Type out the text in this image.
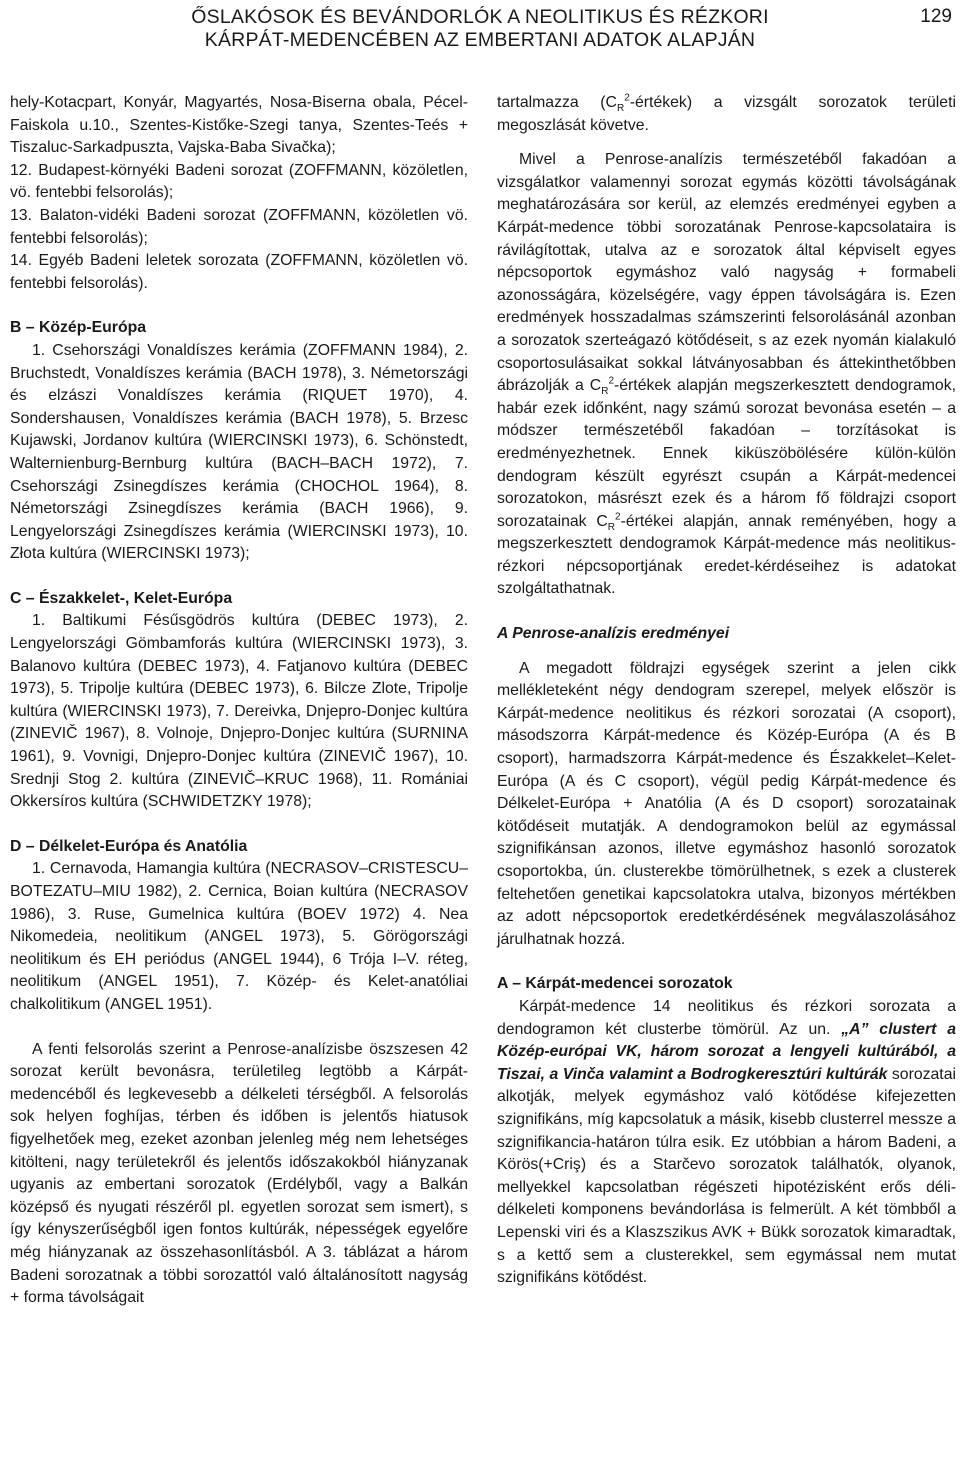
ŐSLAKÓSOK ÉS BEVÁNDORLÓK A NEOLITIKUS ÉS RÉZKORI
KÁRPÁT-MEDENCÉBEN AZ EMBERTANI ADATOK ALAPJÁN
129

hely-Kotacpart, Konyár, Magyartés, Nosa-Biserna obala, Pécel-Faiskola u.10., Szentes-Kistőke-Szegi tanya, Szentes-Teés + Tiszaluc-Sarkadpuszta, Vajska-Baba Sivačka);

12. Budapest-környéki Badeni sorozat (ZOFFMANN, közöletlen, vö. fentebbi felsorolás);

13. Balaton-vidéki Badeni sorozat (ZOFFMANN, közöletlen vö. fentebbi felsorolás);

14. Egyéb Badeni leletek sorozata (ZOFFMANN, közöletlen vö. fentebbi felsorolás).

B – Közép-Európa

1. Csehországi Vonaldíszes kerámia (ZOFFMANN 1984), 2. Bruchstedt, Vonaldíszes kerámia (BACH 1978), 3. Németországi és elzászi Vonaldíszes kerámia (RIQUET 1970), 4. Sondershausen, Vonaldíszes kerámia (BACH 1978), 5. Brzesc Kujawski, Jordanov kultúra (WIERCINSKI 1973), 6. Schönstedt, Walternienburg-Bernburg kultúra (BACH–BACH 1972), 7. Csehországi Zsinegdíszes kerámia (CHOCHOL 1964), 8. Németországi Zsinegdíszes kerámia (BACH 1966), 9. Lengyelországi Zsinegdíszes kerámia (WIERCINSKI 1973), 10. Złota kultúra (WIERCINSKI 1973);

C – Északkelet-, Kelet-Európa

1. Baltikumi Fésűsgödrös kultúra (DEBEC 1973), 2. Lengyelországi Gömbamforás kultúra (WIERCINSKI 1973), 3. Balanovo kultúra (DEBEC 1973), 4. Fatjanovo kultúra (DEBEC 1973), 5. Tripolje kultúra (DEBEC 1973), 6. Bilcze Zlote, Tripolje kultúra (WIERCINSKI 1973), 7. Dereivka, Dnjepro-Donjec kultúra (ZINEVIČ 1967), 8. Volnoje, Dnjepro-Donjec kultúra (SURNINA 1961), 9. Vovnigi, Dnjepro-Donjec kultúra (ZINEVIČ 1967), 10. Srednji Stog 2. kultúra (ZINEVIČ–KRUC 1968), 11. Romániai Okkersíros kultúra (SCHWIDETZKY 1978);

D – Délkelet-Európa és Anatólia

1. Cernavoda, Hamangia kultúra (NECRASOV–CRISTESCU–BOTEZATU–MIU 1982), 2. Cernica, Boian kultúra (NECRASOV 1986), 3. Ruse, Gumelnica kultúra (BOEV 1972) 4. Nea Nikomedeia, neolitikum (ANGEL 1973), 5. Görögországi neolitikum és EH periódus (ANGEL 1944), 6 Trója I–V. réteg, neolitikum (ANGEL 1951), 7. Közép- és Kelet-anatóliai chalkolitikum (ANGEL 1951).

A fenti felsorolás szerint a Penrose-analízisbe öszszesen 42 sorozat került bevonásra, területileg legtöbb a Kárpát-medencéből és legkevesebb a délkeleti térségből. A felsorolás sok helyen foghíjas, térben és időben is jelentős hiatusok figyelhetőek meg, ezeket azonban jelenleg még nem lehetséges kitölteni, nagy területekről és jelentős időszakokból hiányzanak ugyanis az embertani sorozatok (Erdélyből, vagy a Balkán középső és nyugati részéről pl. egyetlen sorozat sem ismert), s így kényszerűségből igen fontos kultúrák, népességek egyelőre még hiányzanak az összehasonlításból. A 3. táblázat a három Badeni sorozatnak a többi sorozattól való általánosított nagyság + forma távolságait

tartalmazza $(C_R^2-értékek)$ a vizsgált sorozatok területi megoszlását követve.

Mivel a Penrose-analízis természetéből fakadóan a vizsgálatkor valamennyi sorozat egymás közötti távolságának meghatározására sor kerül, az elemzés eredményei egyben a Kárpát-medence többi sorozatának Penrose-kapcsolataira is rávilágítottak, utalva az e sorozatok által képviselt egyes népcsoportok egymáshoz való nagyság + formabeli azonosságára, közelségére, vagy éppen távolságára is. Ezen eredmények hosszadalmas számszerinti felsorolásánál azonban a sorozatok szerteágazó kötődéseit, s az ezek nyomán kialakuló csoportosulásaikat sokkal látványosabban és áttekinthetőbben ábrázolják a $C_R^2$-értékek alapján megszerkesztett dendogramok, habár ezek időnként, nagy számú sorozat bevonása esetén – a módszer természetéből fakadóan – torzításokat is eredményezhetnek. Ennek kiküszöbölésére külön-külön dendogram készült egyrészt csupán a Kárpát-medencei sorozatokon, másrészt ezek és a három fő földrajzi csoport sorozatainak $C_R^2$-értékei alapján, annak reményében, hogy a megszerkesztett dendogramok Kárpát-medence más neolitikus-rézkori népcsoportjának eredet-kérdéseihez is adatokat szolgáltathatnak.

A Penrose-analízis eredményei

A megadott földrajzi egységek szerint a jelen cikk mellékleteként négy dendogram szerepel, melyek először is Kárpát-medence neolitikus és rézkori sorozatai (A csoport), másodszorra Kárpát-medence és Közép-Európa (A és B csoport), harmadszorra Kárpát-medence és Északkelet–Kelet-Európa (A és C csoport), végül pedig Kárpát-medence és Délkelet-Európa + Anatólia (A és D csoport) sorozatainak kötődéseit mutatják. A dendogramokon belül az egymással szignifikánsan azonos, illetve egymáshoz hasonló sorozatok csoportokba, ún. clusterekbe tömörülhetnek, s ezek a clusterek feltehetően genetikai kapcsolatokra utalva, bizonyos mértékben az adott népcsoportok eredetkérdésének megválaszolásához járulhatnak hozzá.

A – Kárpát-medencei sorozatok

Kárpát-medence 14 neolitikus és rézkori sorozata a dendogramon két clusterbe tömörül. Az un. „A” clustert a Közép-európai VK, három sorozat a lengyeli kultúrából, a Tiszai, a Vinča valamint a Bodrogkeresztúri kultúrák sorozatai alkotják, melyek egymáshoz való kötődése kifejezetten szignifikáns, míg kapcsolatuk a másik, kisebb clusterrel messze a szignifikancia-határon túlra esik. Ez utóbbian a három Badeni, a Körös(+Criş) és a Starčevo sorozatok találhatók, olyanok, mellyekkel kapcsolatban régészeti hipotézisként erős déli-délkeleti komponens bevándorlása is felmerült. A két tömbből a Lepenski viri és a Klaszszikus AVK + Bükk sorozatok kimaradtak, s a kettő sem a clusterekkel, sem egymással nem mutat szignifikáns kötődést.
